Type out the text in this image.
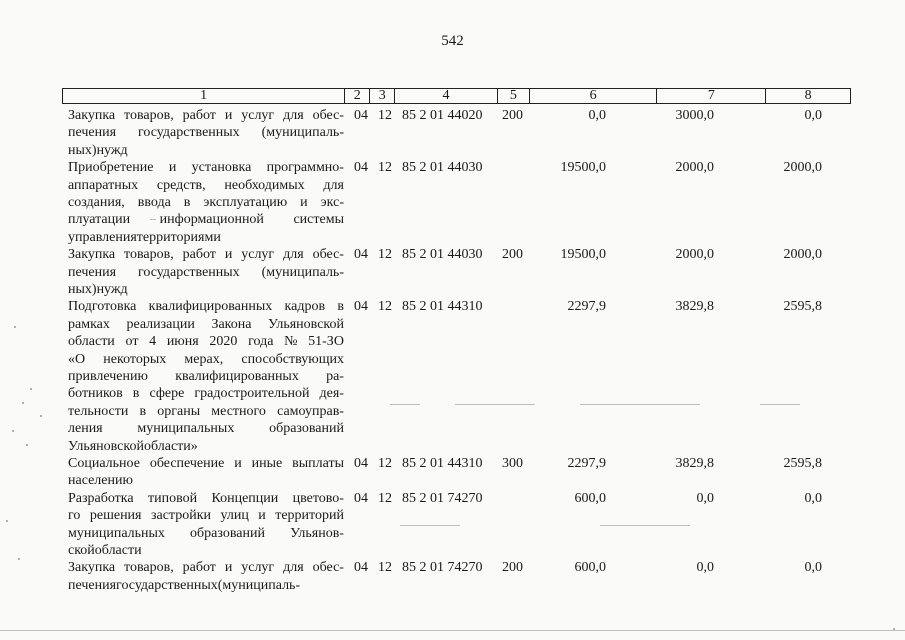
542
1	2	3	4	5	6	7	8
Закупка товаров, работ и услуг для обес-
печения государственных (муниципаль-
ных) нужд
04 12 85 2 01 44020 200	0,0	3000,0	0,0
Приобретение и установка программно-
аппаратных средств, необходимых для
создания, ввода в эксплуатацию и экс-
плуатации информационной системы
управления территориями
04 12 85 2 01 44030	19500,0	2000,0	2000,0
Закупка товаров, работ и услуг для обес-
печения государственных (муниципаль-
ных) нужд
04 12 85 2 01 44030 200	19500,0	2000,0	2000,0
Подготовка квалифицированных кадров в
рамках реализации Закона Ульяновской
области от 4 июня 2020 года № 51-ЗО
«О некоторых мерах, способствующих
привлечению квалифицированных ра-
ботников в сфере градостроительной дея-
тельности в органы местного самоуправ-
ления муниципальных образований
Ульяновской области»
04 12 85 2 01 44310	2297,9	3829,8	2595,8
Социальное обеспечение и иные выплаты
населению
04 12 85 2 01 44310 300	2297,9	3829,8	2595,8
Разработка типовой Концепции цветово-
го решения застройки улиц и территорий
муниципальных образований Ульянов-
ской области
04 12 85 2 01 74270	600,0	0,0	0,0
Закупка товаров, работ и услуг для обес-
печения государственных (муниципаль-
04 12 85 2 01 74270 200	600,0	0,0	0,0
